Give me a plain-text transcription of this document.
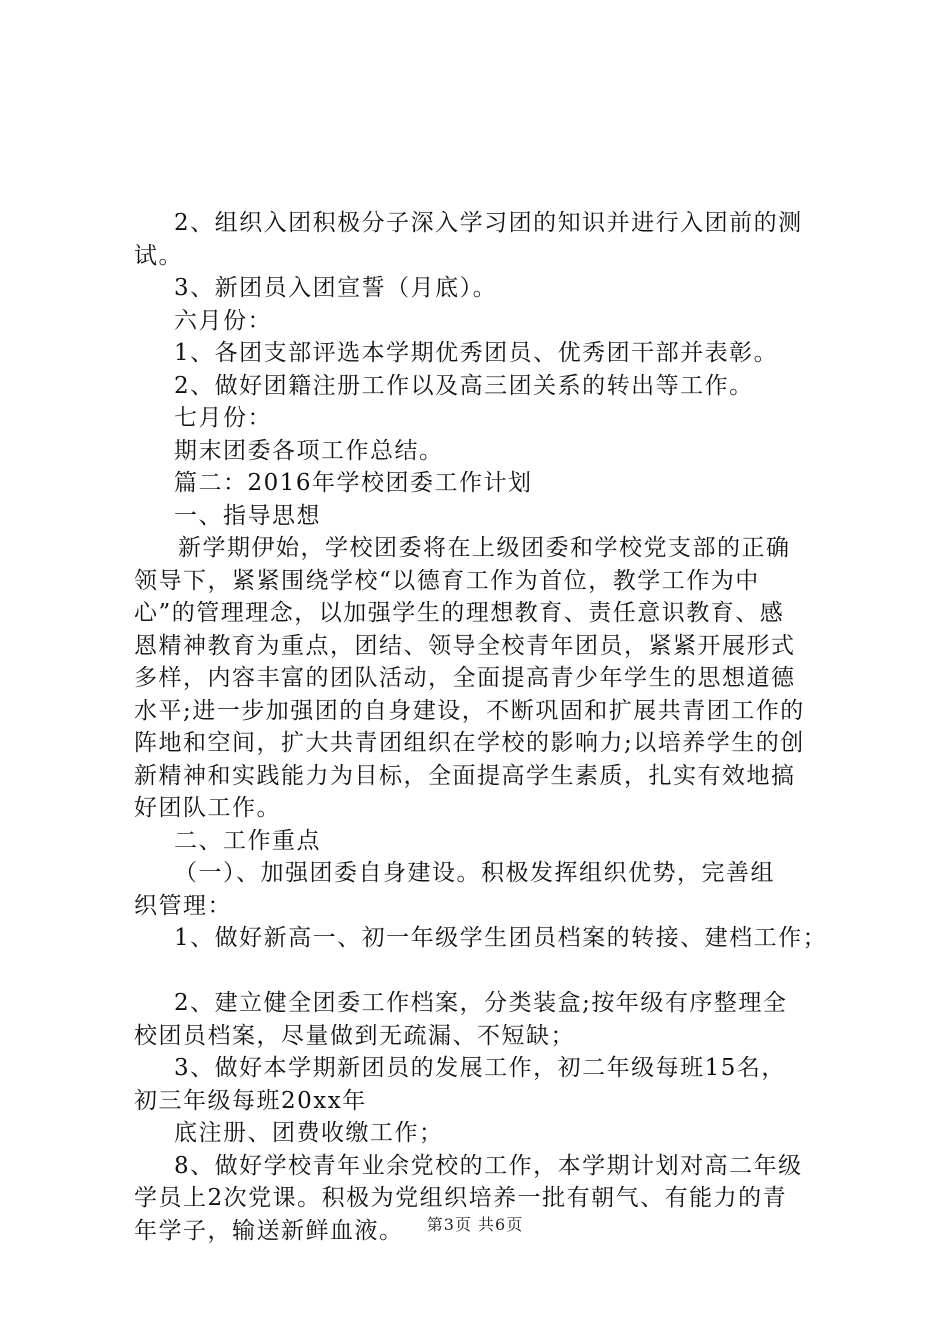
2、组织入团积极分子深入学习团的知识并进行入团前的测
试。
3、新团员入团宣誓（月底）。
六月份：
1、各团支部评选本学期优秀团员、优秀团干部并表彰。
2、做好团籍注册工作以及高三团关系的转出等工作。
七月份：
期末团委各项工作总结。
篇二：2016年学校团委工作计划
一、指导思想
新学期伊始，学校团委将在上级团委和学校党支部的正确
领导下，紧紧围绕学校“以德育工作为首位，教学工作为中
心”的管理理念，以加强学生的理想教育、责任意识教育、感
恩精神教育为重点，团结、领导全校青年团员，紧紧开展形式
多样，内容丰富的团队活动，全面提高青少年学生的思想道德
水平;进一步加强团的自身建设，不断巩固和扩展共青团工作的
阵地和空间，扩大共青团组织在学校的影响力;以培养学生的创
新精神和实践能力为目标，全面提高学生素质，扎实有效地搞
好团队工作。
二、工作重点
（一）、加强团委自身建设。积极发挥组织优势，完善组
织管理：
1、做好新高一、初一年级学生团员档案的转接、建档工作；
2、建立健全团委工作档案，分类装盒;按年级有序整理全
校团员档案，尽量做到无疏漏、不短缺；
3、做好本学期新团员的发展工作，初二年级每班15名，
初三年级每班20xx年
底注册、团费收缴工作；
8、做好学校青年业余党校的工作，本学期计划对高二年级
学员上2次党课。积极为党组织培养一批有朝气、有能力的青
年学子，输送新鲜血液。	第3页 共6页
